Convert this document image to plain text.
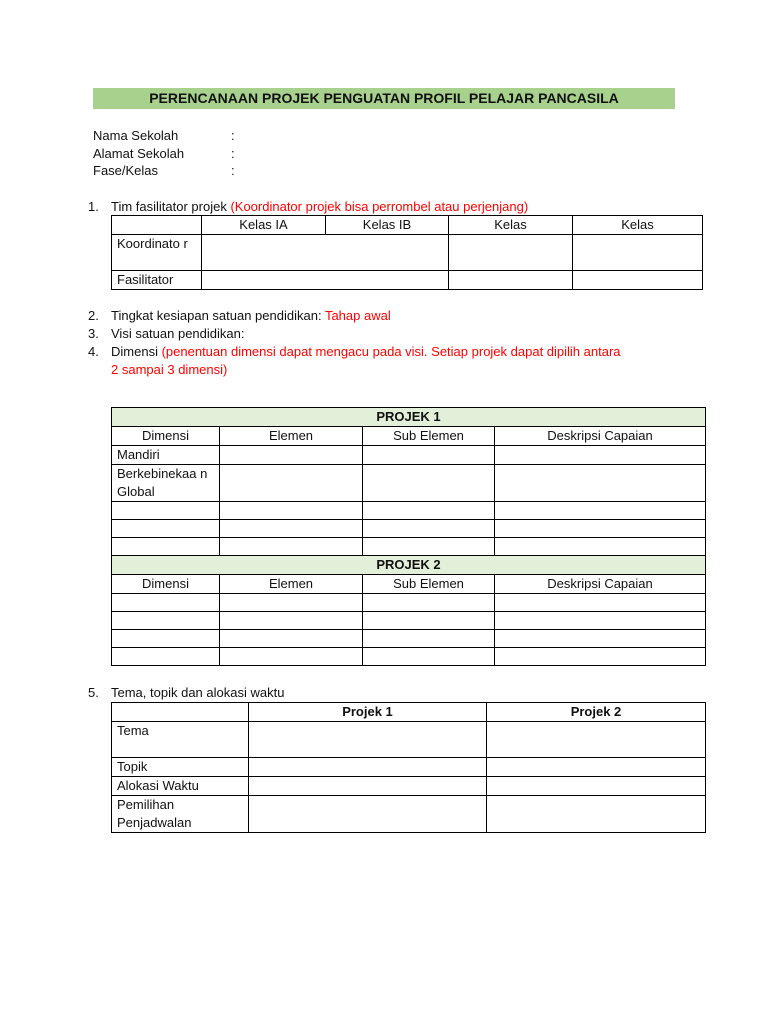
PERENCANAAN PROJEK PENGUATAN PROFIL PELAJAR PANCASILA
Nama Sekolah	:
Alamat Sekolah	:
Fase/Kelas	:
1. Tim fasilitator projek (Koordinator projek bisa perrombel atau perjenjang)
	Kelas IA	Kelas IB	Kelas	Kelas
Koordinato r				
Fasilitator				
2. Tingkat kesiapan satuan pendidikan: Tahap awal
3. Visi satuan pendidikan:
4. Dimensi (penentuan dimensi dapat mengacu pada visi. Setiap projek dapat dipilih antara
2 sampai 3 dimensi)
PROJEK 1			
Dimensi	Elemen	Sub Elemen	Deskripsi Capaian
Mandiri			
Berkebinekaa n Global			

PROJEK 2			
Dimensi	Elemen	Sub Elemen	Deskripsi Capaian

5. Tema, topik dan alokasi waktu
	Projek 1	Projek 2
Tema		
Topik		
Alokasi Waktu		
Pemilihan Penjadwalan		
